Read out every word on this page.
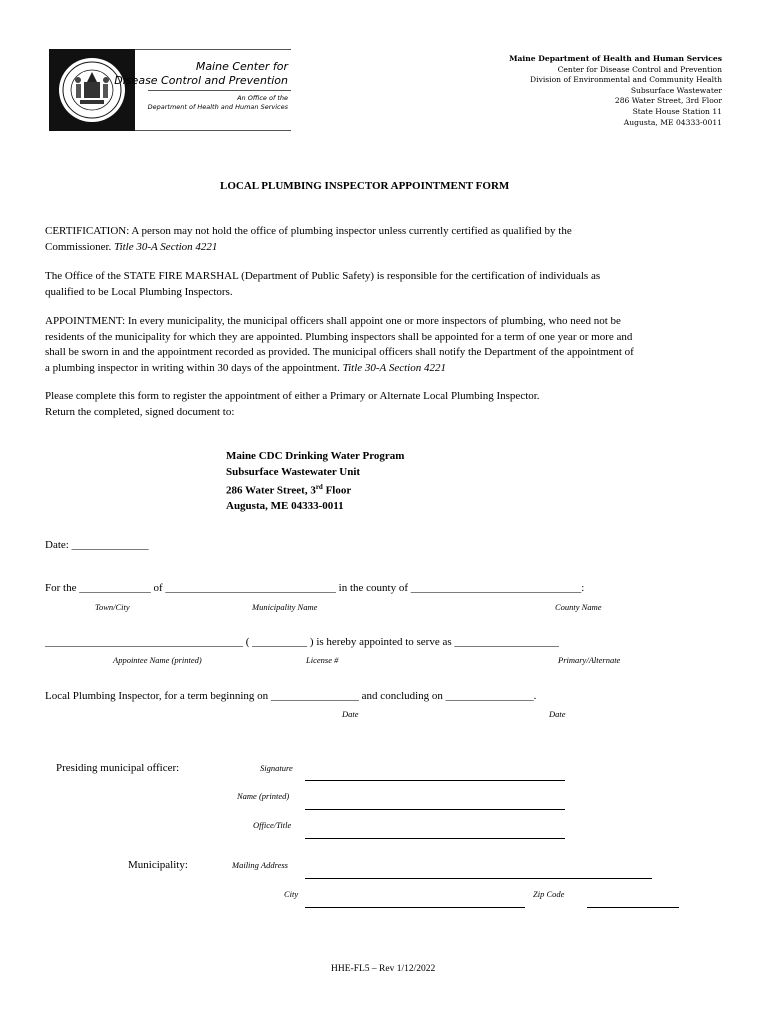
Maine Center for
Disease Control and Prevention
An Office of the
Department of Health and Human Services
Maine Department of Health and Human Services
Center for Disease Control and Prevention
Division of Environmental and Community Health
Subsurface Wastewater
286 Water Street, 3rd Floor
State House Station 11
Augusta, ME 04333-0011
LOCAL PLUMBING INSPECTOR APPOINTMENT FORM
CERTIFICATION: A person may not hold the office of plumbing inspector unless currently certified as qualified by the
Commissioner. Title 30-A Section 4221
The Office of the STATE FIRE MARSHAL (Department of Public Safety) is responsible for the certification of individuals as
qualified to be Local Plumbing Inspectors.
APPOINTMENT: In every municipality, the municipal officers shall appoint one or more inspectors of plumbing, who need not be
residents of the municipality for which they are appointed. Plumbing inspectors shall be appointed for a term of one year or more and
shall be sworn in and the appointment recorded as provided. The municipal officers shall notify the Department of the appointment of
a plumbing inspector in writing within 30 days of the appointment. Title 30-A Section 4221
Please complete this form to register the appointment of either a Primary or Alternate Local Plumbing Inspector.
Return the completed, signed document to:
Maine CDC Drinking Water Program
Subsurface Wastewater Unit
286 Water Street, 3rd Floor
Augusta, ME 04333-0011
Date: ______________
For the _____________ of _______________________________ in the county of _______________________________:
Town/City	Municipality Name	County Name
____________________________________ ( __________ ) is hereby appointed to serve as ___________________
Appointee Name (printed)	License #	Primary/Alternate
Local Plumbing Inspector, for a term beginning on ________________ and concluding on ________________.
Date	Date
Presiding municipal officer:	Signature
Name (printed)
Office/Title
Municipality:	Mailing Address
City	Zip Code
HHE-FL5 – Rev 1/12/2022
